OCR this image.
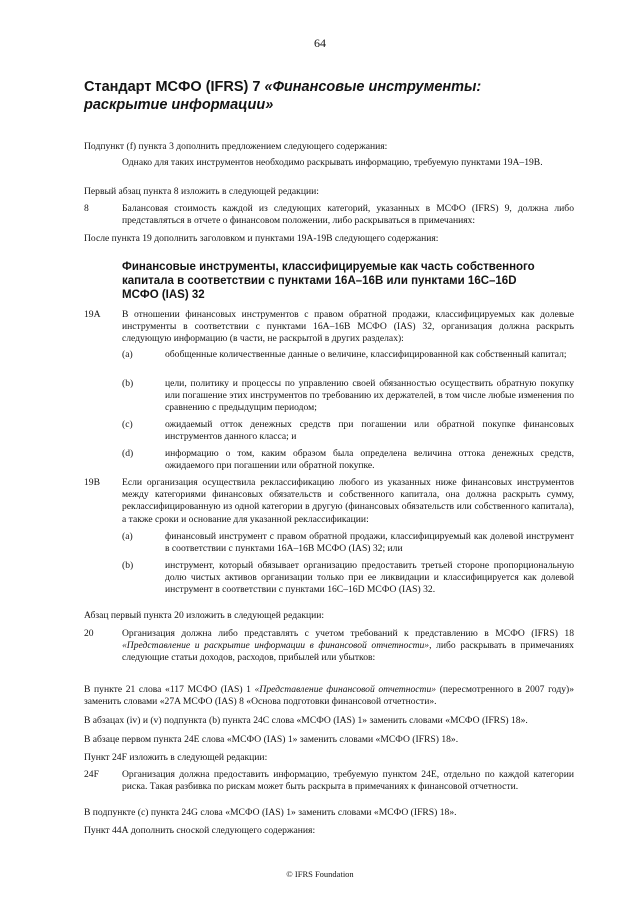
64
Стандарт МСФО (IFRS) 7 «Финансовые инструменты: раскрытие информации»

Подпункт (f) пункта 3 дополнить предложением следующего содержания:

Однако для таких инструментов необходимо раскрывать информацию, требуемую пунктами 19A–19B.

Первый абзац пункта 8 изложить в следующей редакции:

8	Балансовая стоимость каждой из следующих категорий, указанных в МСФО (IFRS) 9, должна либо представляться в отчете о финансовом положении, либо раскрываться в примечаниях:

После пункта 19 дополнить заголовком и пунктами 19А-19В следующего содержания:

Финансовые инструменты, классифицируемые как часть собственного капитала в соответствии с пунктами 16A–16B или пунктами 16C–16D МСФО (IAS) 32
19A В отношении финансовых инструментов с правом обратной продажи, классифицируемых как долевые инструменты в соответствии с пунктами 16A–16B МСФО (IAS) 32, организация должна раскрыть следующую информацию (в части, не раскрытой в других разделах):

(a)	обобщенные количественные данные о величине, классифицированной как собственный капитал;

(b)	цели, политику и процессы по управлению своей обязанностью осуществить обратную покупку или погашение этих инструментов по требованию их держателей, в том числе любые изменения по сравнению с предыдущим периодом;

(c)	ожидаемый отток денежных средств при погашении или обратной покупке финансовых инструментов данного класса; и

(d)	информацию о том, каким образом была определена величина оттока денежных средств, ожидаемого при погашении или обратной покупке.

19B Если организация осуществила реклассификацию любого из указанных ниже финансовых инструментов между категориями финансовых обязательств и собственного капитала, она должна раскрыть сумму, реклассифицированную из одной категории в другую (финансовых обязательств или собственного капитала), а также сроки и основание для указанной реклассификации:

(a)	финансовый инструмент с правом обратной продажи, классифицируемый как долевой инструмент в соответствии с пунктами 16A–16B МСФО (IAS) 32; или

(b)	инструмент, который обязывает организацию предоставить третьей стороне пропорциональную долю чистых активов организации только при ее ликвидации и классифицируется как долевой инструмент в соответствии с пунктами 16C–16D МСФО (IAS) 32.

Абзац первый пункта 20 изложить в следующей редакции:

20	Организация должна либо представлять с учетом требований к представлению в МСФО (IFRS) 18 «Представление и раскрытие информации в финансовой отчетности», либо раскрывать в примечаниях следующие статьи доходов, расходов, прибылей или убытков:

В пункте 21 слова «117 МСФО (IAS) 1 «Представление финансовой отчетности» (пересмотренного в 2007 году)» заменить словами «27A МСФО (IAS) 8 «Основа подготовки финансовой отчетности».

В абзацах (iv) и (v) подпункта (b) пункта 24C слова «МСФО (IAS) 1» заменить словами «МСФО (IFRS) 18».

В абзаце первом пункта 24E слова «МСФО (IAS) 1» заменить словами «МСФО (IFRS) 18».

Пункт 24F изложить в следующей редакции:

24F Организация должна предоставить информацию, требуемую пунктом 24E, отдельно по каждой категории риска. Такая разбивка по рискам может быть раскрыта в примечаниях к финансовой отчетности.

В подпункте (c) пункта 24G слова «МСФО (IAS) 1» заменить словами «МСФО (IFRS) 18».

Пункт 44А дополнить сноской следующего содержания:

© IFRS Foundation
